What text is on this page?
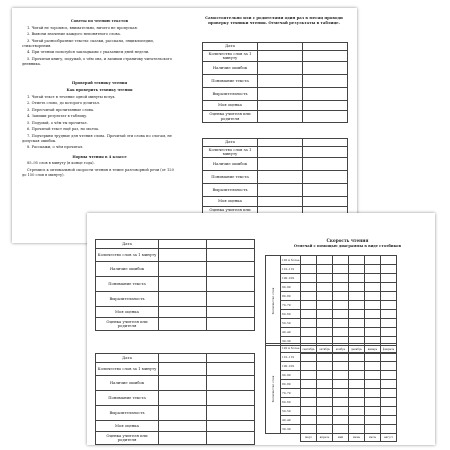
Советы по чтению текстов

1. Читай не торопясь, внимательно, ничего не пропуская.

2. Выясни значение каждого непонятного слова.

3. Читай разнообразные тексты: сказки, рассказы, энциклопедии, стихотворения.

4. При чтении пользуйся закладками с указанием дней недели.

5. Прочитав книгу, подумай, о чём она, и запиши страничку читательского дневника.

Проверяй технику чтения

Как проверить технику чтения

1. Читай текст в течение одной минуты вслух.

2. Отметь слово, до которого дочитал.

3. Пересчитай прочитанные слова.

4. Запиши результат в таблицу.

5. Подумай, о чём ты прочитал.

6. Прочитай текст ещё раз, но молча.

7. Подчеркни трудные для чтения слова. Прочитай эти слова по слогам, не допуская ошибок.

8. Расскажи, о чём прочитал.

Нормы чтения в 4 классе

85–95 слов в минуту (в конце года).

Стремись к оптимальной скорости чтения в темпе разговорной речи (от 120 до 150 слов в минуту).

Самостоятельно или с родителями один раз в месяц проводи проверку техники чтения. Отмечай результаты в таблице.
Дата		
Количество слов за 1 минуту		
Наличие ошибок		
Понимание текста		
Выразительность		
Моя оценка		
Оценка учителя или родителя		
Дата		
Количество слов за 1 минуту		
Наличие ошибок		
Понимание текста		
Выразительность		
Моя оценка		
Оценка учителя или		
Дата		
Количество слов за 1 минуту		
Наличие ошибок		
Понимание текста		
Выразительность		
Моя оценка		
Оценка учителя или родителя		
Дата		
Количество слов за 1 минуту		
Наличие ошибок		
Понимание текста		
Выразительность		
Моя оценка		
Оценка учителя или родителя		
Скорость чтения
Отмечай с помощью диаграммы в виде столбиков
Количество слов	120 и более						
	110–119						
	100–109						
	90–99						
	80–89						
	70–79						
	60–69						
	50–59						
	40–49						
	30–39						
		сентябрь	октябрь	ноябрь	декабрь	январь	февраль
Количество слов	120 и более						
	110–119						
	100–109						
	90–99						
	80–89						
	70–79						
	60–69						
	50–59						
	40–49						
	30–39						
		март	апрель	май	июнь	июль	август
